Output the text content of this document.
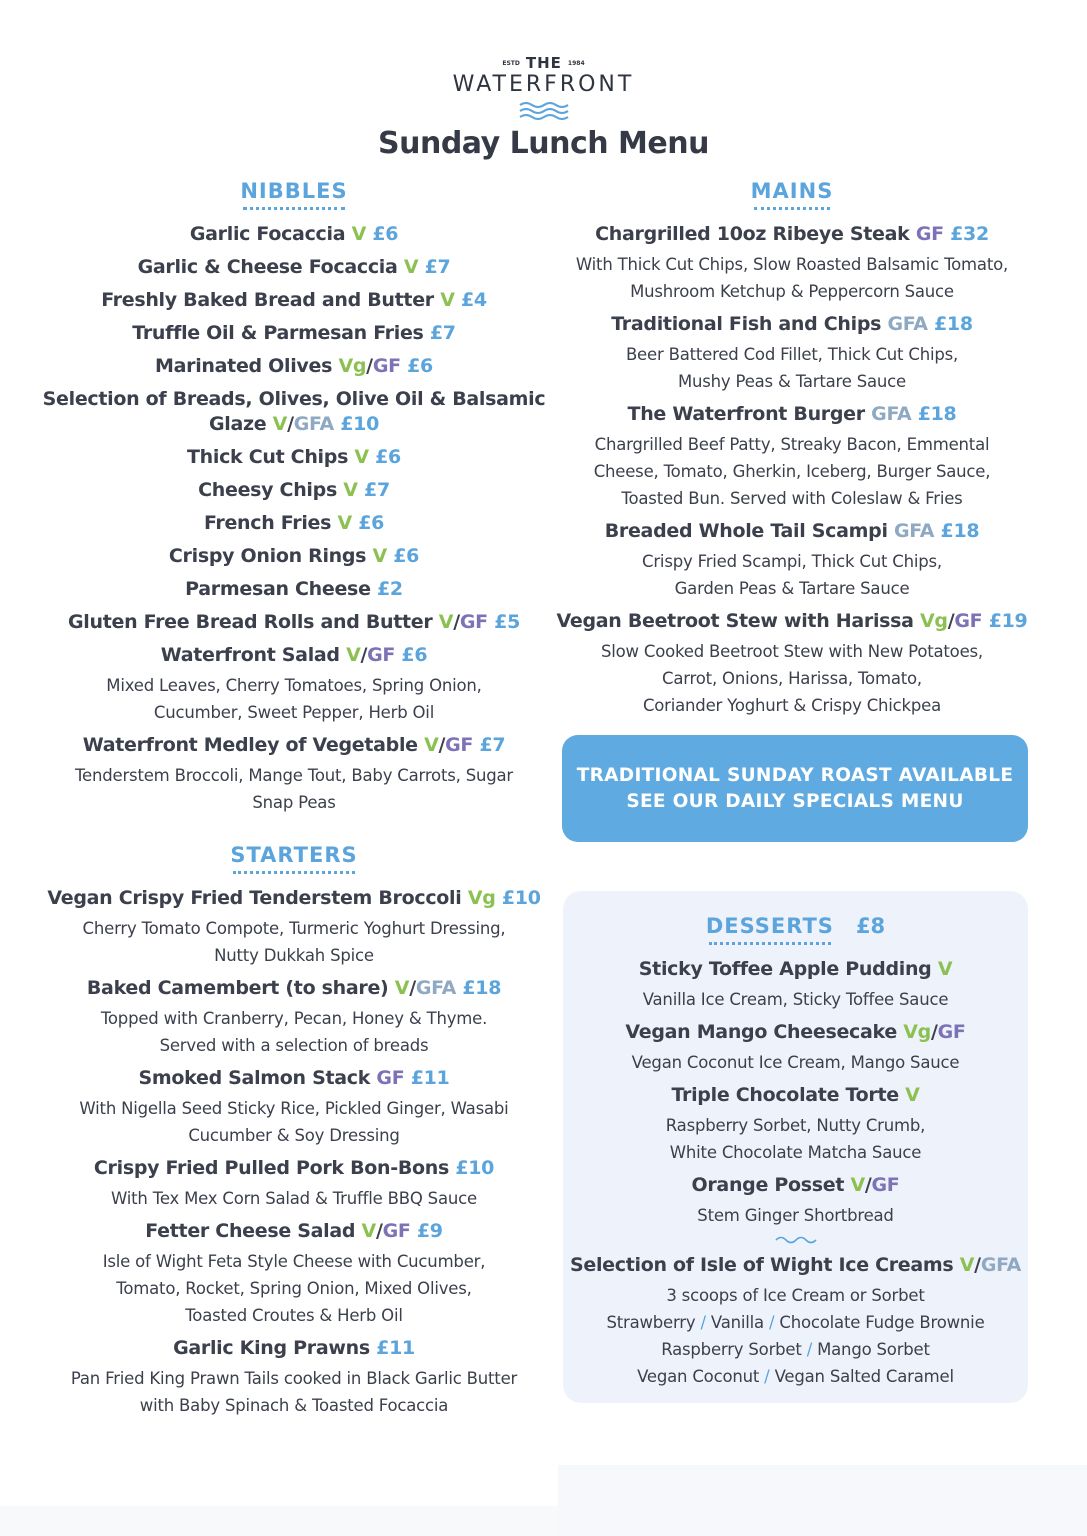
ESTD THE 1984
WATERFRONT
Sunday Lunch Menu
NIBBLES
Garlic Focaccia V £6
Garlic & Cheese Focaccia V £7
Freshly Baked Bread and Butter V £4
Truffle Oil & Parmesan Fries £7
Marinated Olives Vg/GF £6
Selection of Breads, Olives, Olive Oil & Balsamic Glaze V/GFA £10
Thick Cut Chips V £6
Cheesy Chips V £7
French Fries V £6
Crispy Onion Rings V £6
Parmesan Cheese £2
Gluten Free Bread Rolls and Butter V/GF £5
Waterfront Salad V/GF £6
Mixed Leaves, Cherry Tomatoes, Spring Onion,
Cucumber, Sweet Pepper, Herb Oil
Waterfront Medley of Vegetable V/GF £7
Tenderstem Broccoli, Mange Tout, Baby Carrots, Sugar
Snap Peas
STARTERS
Vegan Crispy Fried Tenderstem Broccoli Vg £10
Cherry Tomato Compote, Turmeric Yoghurt Dressing,
Nutty Dukkah Spice
Baked Camembert (to share) V/GFA £18
Topped with Cranberry, Pecan, Honey & Thyme.
Served with a selection of breads
Smoked Salmon Stack GF £11
With Nigella Seed Sticky Rice, Pickled Ginger, Wasabi
Cucumber & Soy Dressing
Crispy Fried Pulled Pork Bon-Bons £10
With Tex Mex Corn Salad & Truffle BBQ Sauce
Fetter Cheese Salad V/GF £9
Isle of Wight Feta Style Cheese with Cucumber,
Tomato, Rocket, Spring Onion, Mixed Olives,
Toasted Croutes & Herb Oil
Garlic King Prawns £11
Pan Fried King Prawn Tails cooked in Black Garlic Butter
with Baby Spinach & Toasted Focaccia
MAINS
Chargrilled 10oz Ribeye Steak GF £32
With Thick Cut Chips, Slow Roasted Balsamic Tomato,
Mushroom Ketchup & Peppercorn Sauce
Traditional Fish and Chips GFA £18
Beer Battered Cod Fillet, Thick Cut Chips,
Mushy Peas & Tartare Sauce
The Waterfront Burger GFA £18
Chargrilled Beef Patty, Streaky Bacon, Emmental
Cheese, Tomato, Gherkin, Iceberg, Burger Sauce,
Toasted Bun. Served with Coleslaw & Fries
Breaded Whole Tail Scampi GFA £18
Crispy Fried Scampi, Thick Cut Chips,
Garden Peas & Tartare Sauce
Vegan Beetroot Stew with Harissa Vg/GF £19
Slow Cooked Beetroot Stew with New Potatoes,
Carrot, Onions, Harissa, Tomato,
Coriander Yoghurt & Crispy Chickpea
TRADITIONAL SUNDAY ROAST AVAILABLE
SEE OUR DAILY SPECIALS MENU
DESSERTS £8
Sticky Toffee Apple Pudding V
Vanilla Ice Cream, Sticky Toffee Sauce
Vegan Mango Cheesecake Vg/GF
Vegan Coconut Ice Cream, Mango Sauce
Triple Chocolate Torte V
Raspberry Sorbet, Nutty Crumb,
White Chocolate Matcha Sauce
Orange Posset V/GF
Stem Ginger Shortbread
Selection of Isle of Wight Ice Creams V/GFA
3 scoops of Ice Cream or Sorbet
Strawberry / Vanilla / Chocolate Fudge Brownie
Raspberry Sorbet / Mango Sorbet
Vegan Coconut / Vegan Salted Caramel
